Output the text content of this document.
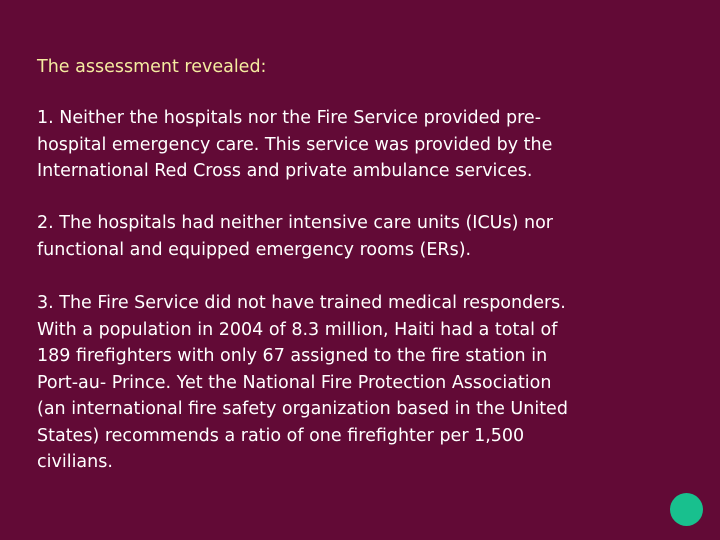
The assessment revealed:
1. Neither the hospitals nor the Fire Service provided pre-
hospital emergency care. This service was provided by the
International Red Cross and private ambulance services.
2. The hospitals had neither intensive care units (ICUs) nor
functional and equipped emergency rooms (ERs).
3. The Fire Service did not have trained medical responders.
With a population in 2004 of 8.3 million, Haiti had a total of
189 firefighters with only 67 assigned to the fire station in
Port-au- Prince. Yet the National Fire Protection Association
(an international fire safety organization based in the United
States) recommends a ratio of one firefighter per 1,500
civilians.
